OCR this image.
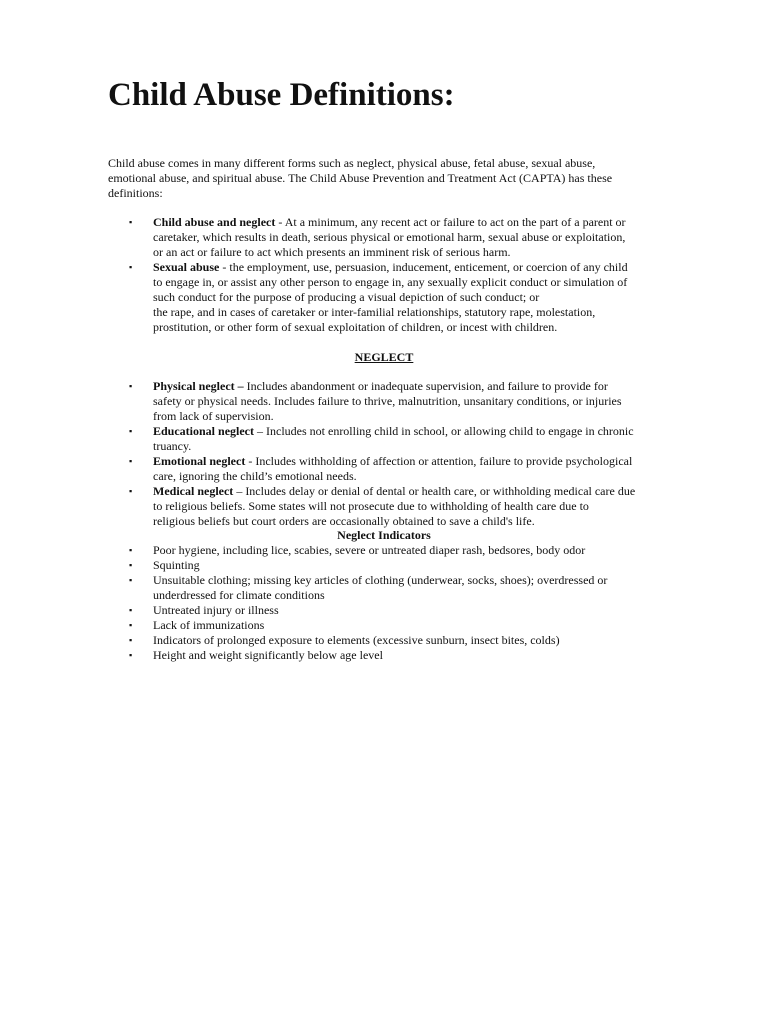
Child Abuse Definitions:

Child abuse comes in many different forms such as neglect, physical abuse, fetal abuse, sexual abuse,
emotional abuse, and spiritual abuse. The Child Abuse Prevention and Treatment Act (CAPTA) has these
definitions:

▪ Child abuse and neglect - At a minimum, any recent act or failure to act on the part of a parent or
caretaker, which results in death, serious physical or emotional harm, sexual abuse or exploitation,
or an act or failure to act which presents an imminent risk of serious harm.
▪ Sexual abuse - the employment, use, persuasion, inducement, enticement, or coercion of any child
to engage in, or assist any other person to engage in, any sexually explicit conduct or simulation of
such conduct for the purpose of producing a visual depiction of such conduct; or
the rape, and in cases of caretaker or inter-familial relationships, statutory rape, molestation,
prostitution, or other form of sexual exploitation of children, or incest with children.

NEGLECT

▪ Physical neglect – Includes abandonment or inadequate supervision, and failure to provide for
safety or physical needs. Includes failure to thrive, malnutrition, unsanitary conditions, or injuries
from lack of supervision.
▪ Educational neglect – Includes not enrolling child in school, or allowing child to engage in chronic
truancy.
▪ Emotional neglect - Includes withholding of affection or attention, failure to provide psychological
care, ignoring the child’s emotional needs.
▪ Medical neglect – Includes delay or denial of dental or health care, or withholding medical care due
to religious beliefs. Some states will not prosecute due to withholding of health care due to
religious beliefs but court orders are occasionally obtained to save a child's life.

Neglect Indicators

▪ Poor hygiene, including lice, scabies, severe or untreated diaper rash, bedsores, body odor
▪ Squinting
▪ Unsuitable clothing; missing key articles of clothing (underwear, socks, shoes); overdressed or
underdressed for climate conditions
▪ Untreated injury or illness
▪ Lack of immunizations
▪ Indicators of prolonged exposure to elements (excessive sunburn, insect bites, colds)
▪ Height and weight significantly below age level
